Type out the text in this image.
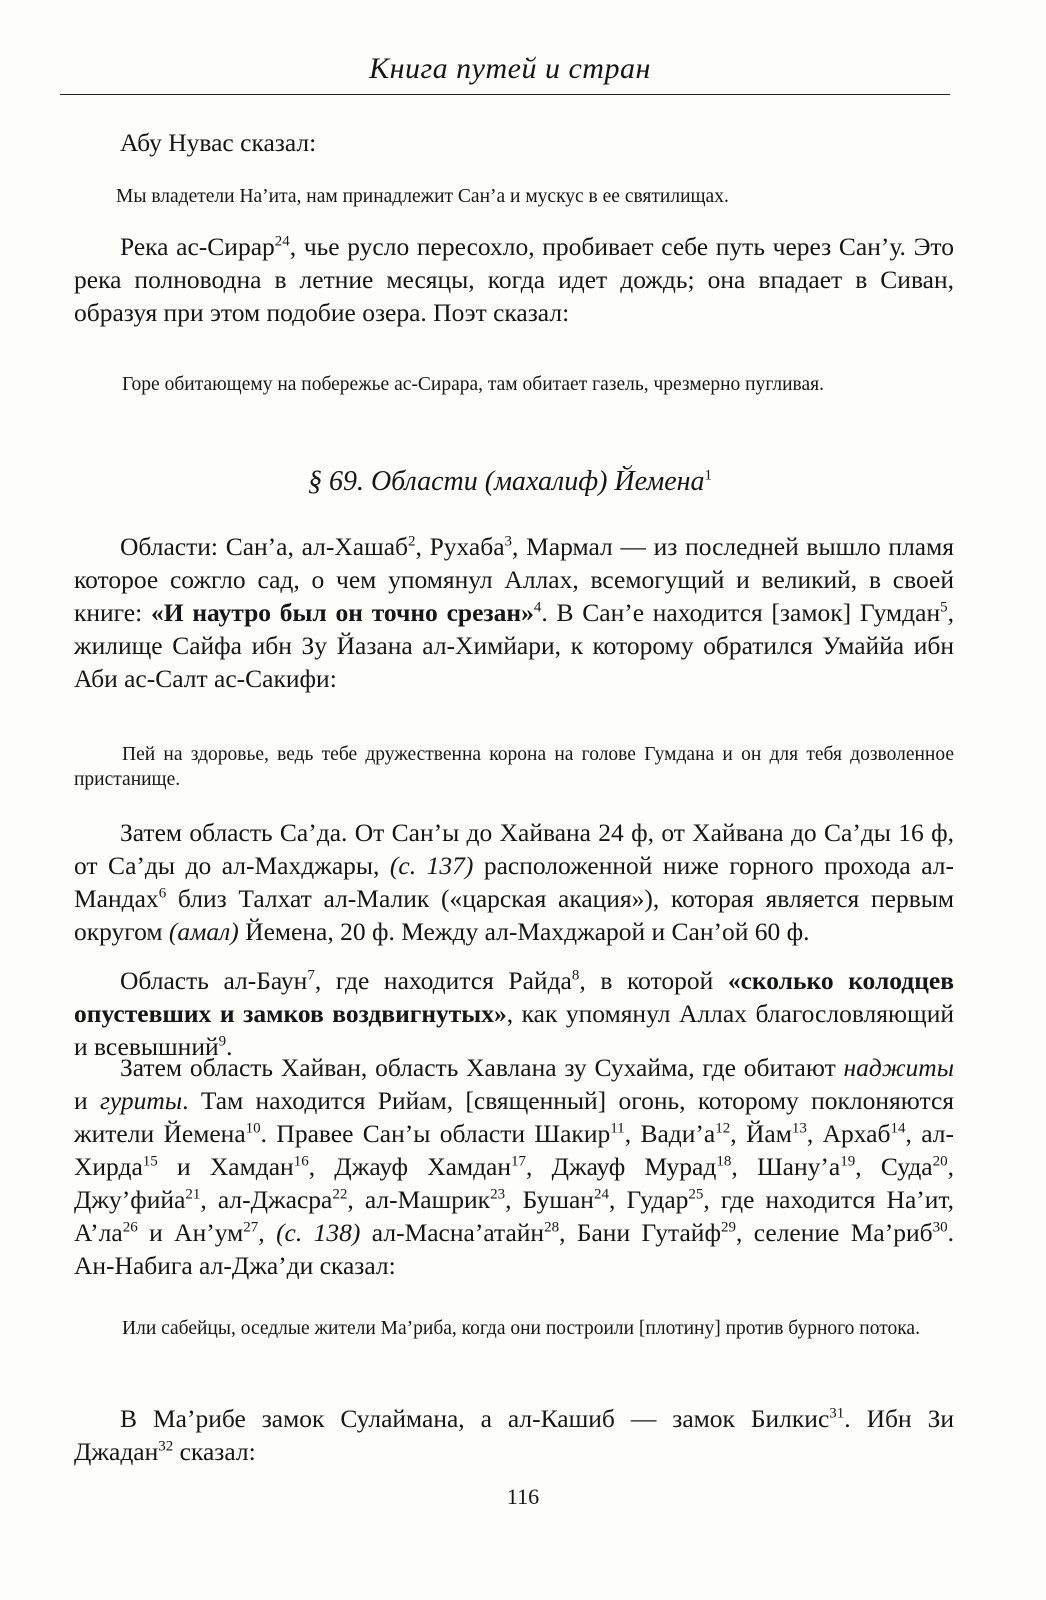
Книга путей и стран

Абу Нувас сказал:

Мы владетели На’ита, нам принадлежит Сан’а и мускус в ее святилищах.

Река ас-Сирар$^{24}$, чье русло пересохло, пробивает себе путь через Сан’у. Это река полноводна в летние месяцы, когда идет дождь; она впадает в Сиван, образуя при этом подобие озера. Поэт сказал:

Горе обитающему на побережье ас-Сирара, там обитает газель, чрезмерно пугливая.

§ 69. Области (махалиф) Йемена$^1$

Области: Сан’а, ал-Хашаб$^2$, Рухаба$^3$, Мармал — из последней вышло пламя которое сожгло сад, о чем упомянул Аллах, всемогущий и великий, в своей книге: «И наутро был он точно срезан»$^4$. В Сан’е находится [замок] Гумдан$^5$, жилище Сайфа ибн Зу Йазана ал-Химйари, к которому обратился Умаййа ибн Аби ас-Салт ас-Сакифи:

Пей на здоровье, ведь тебе дружественна корона на голове Гумдана и он для тебя дозволенное пристанище.

Затем область Са’да. От Сан’ы до Хайвана 24 ф, от Хайвана до Са’ды 16 ф, от Са’ды до ал-Махджары, (с. 137) расположенной ниже горного прохода ал-Мандах$^6$ близ Талхат ал-Малик («царская акация»), которая является первым округом (амал) Йемена, 20 ф. Между ал-Махджарой и Сан’ой 60 ф.

Область ал-Баун$^7$, где находится Райда$^8$, в которой «сколько колодцев опустевших и замков воздвигнутых», как упомянул Аллах благословляющий и всевышний$^9$.

Затем область Хайван, область Хавлана зу Сухайма, где обитают наджиты и гуриты. Там находится Рийам, [священный] огонь, которому поклоняются жители Йемена$^{10}$. Правее Сан’ы области Шакир$^{11}$, $Вади’а^{12}$, Йам$^{13}$, Архаб$^{14}$, ал-Хирда$^{15}$ и Хамдан$^{16}$, Джауф Хамдан$^{17}$, Джауф Мурад$^{18}$, $Шану’а^{19}$, Суда$^{20}$, Джу’фийа$^{21}$, ал-Джасра$^{22}$, ал-Машрик$^{23}$, Бушан$^{24}$, Гудар$^{25}$, где находится На’ит, $А’ла^{26}$ и $Ан’ум^{27}$, (с. 138) ал-Масна’атайн$^{28}$, Бани Гутайф$^{29}$, селение Ма’риб$^{30}$. Ан-Набига ал-Джа’ди сказал:

Или сабейцы, оседлые жители Ма’риба, когда они построили [плотину] против бурного потока.

В Ма’рибе замок Сулаймана, а ал-Кашиб — замок Билкис$^{31}$. Ибн Зи Джадан$^{32}$ сказал:

116
